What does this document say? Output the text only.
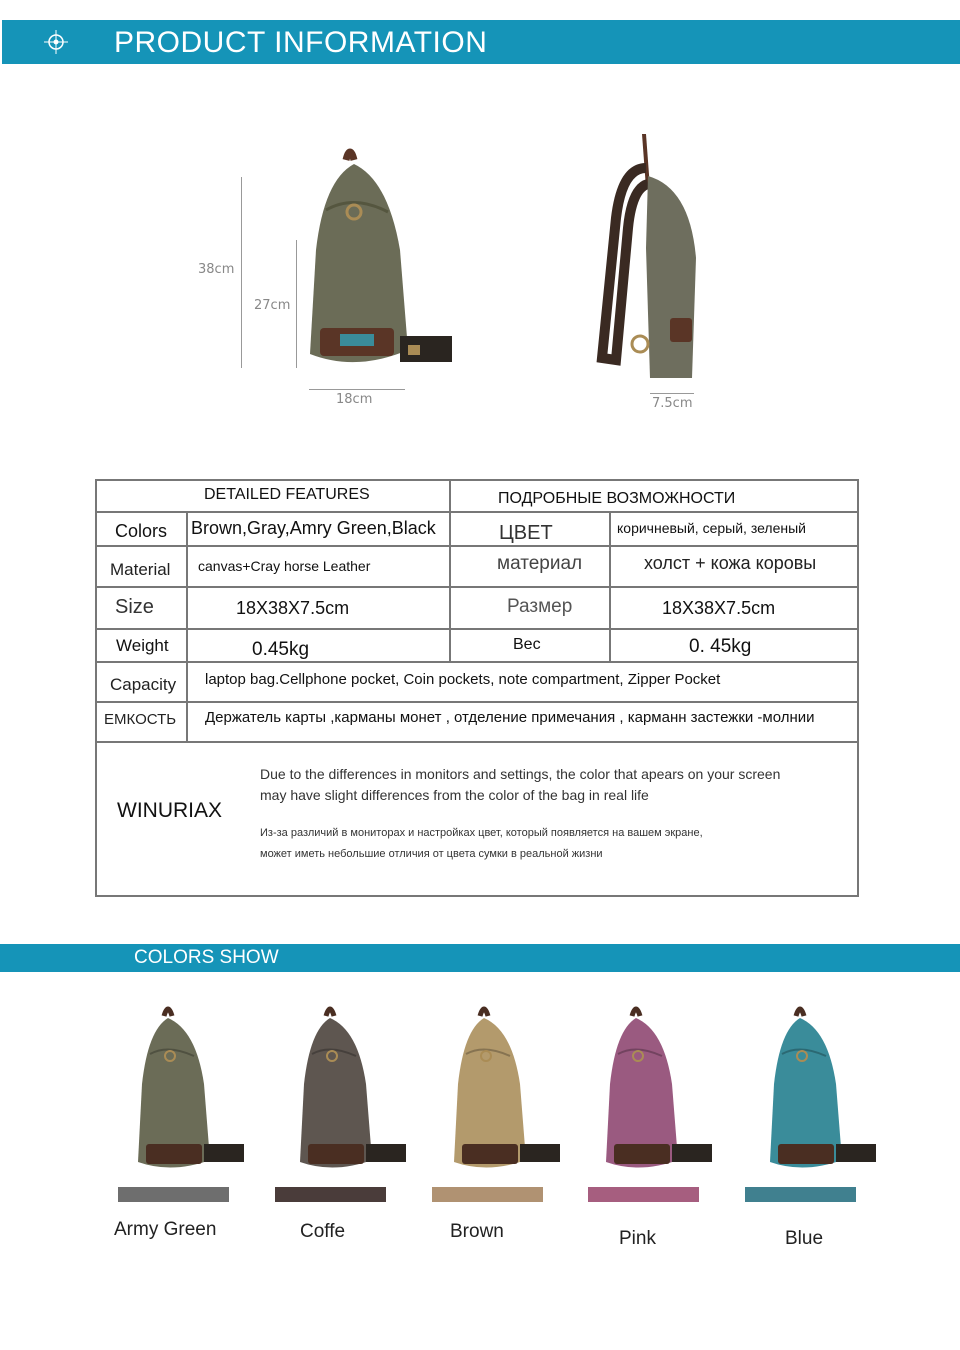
PRODUCT INFORMATION
38cm
27cm
18cm	7.5cm
DETAILED FEATURES	ПОДРОБНЫЕ ВОЗМОЖНОСТИ
Colors Brown,Gray,Amry Green,Black	ЦВЕТ	коричневый, серый, зеленый
Material canvas+Cray horse Leather	материал	холст + кожа коровы
Size	18X38X7.5cm	Размер	18X38X7.5cm
Weight	0.45kg	Вес	0. 45kg
Capacity laptop bag.Cellphone pocket, Coin pockets, note compartment, Zipper Pocket
ЕМКОСТЬ Держатель карты ,карманы монет , отделение примечания , карманн застежки -молнии
WINURIAX
Due to the differences in monitors and settings, the color that apears on your screen
may have slight differences from the color of the bag in real life
Из-за различий в мониторах и настройках цвет, который появляется на вашем экране,
может иметь небольшие отличия от цвета сумки в реальной жизни
COLORS SHOW
Army Green	Coffe	Brown	Pink	Blue
